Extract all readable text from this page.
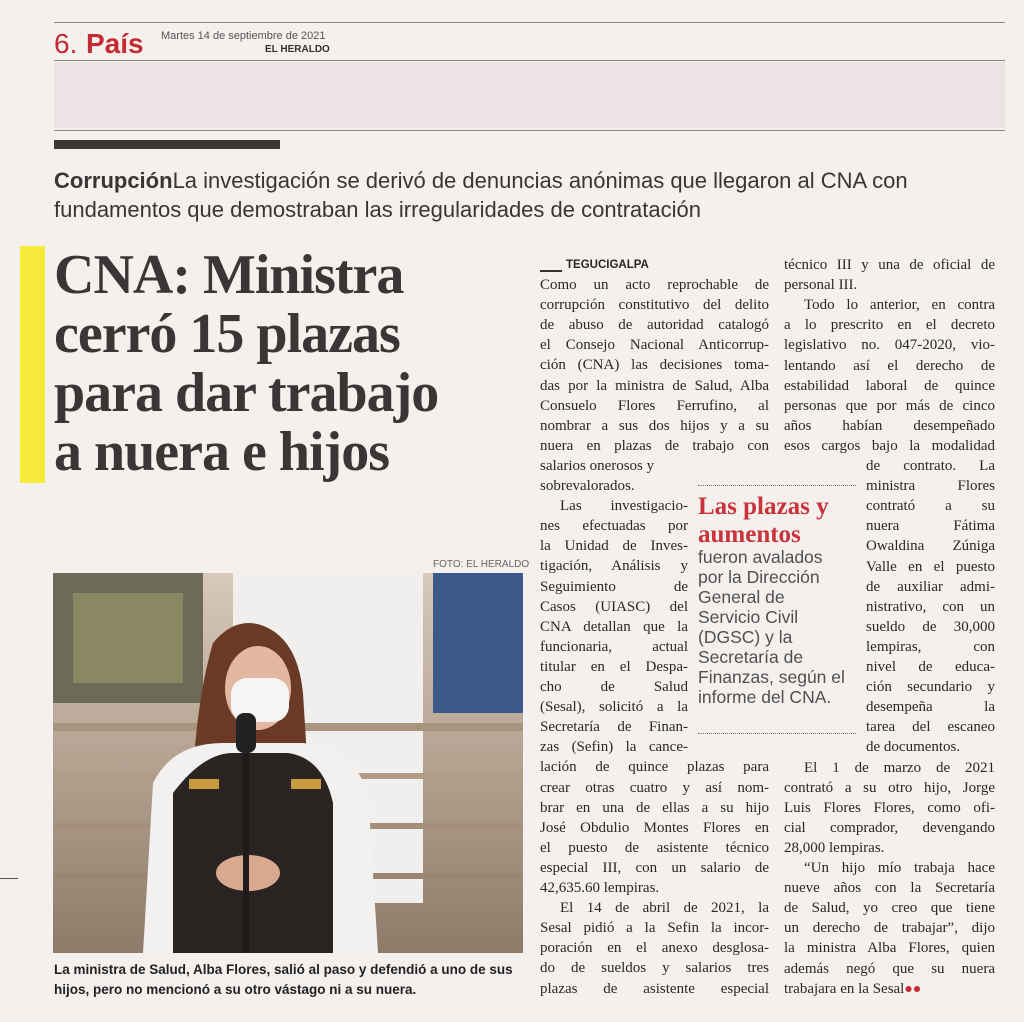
6. País Martes 14 de septiembre de 2021
EL HERALDO
CorrupciónLa investigación se derivó de denuncias anónimas que llegaron al CNA con fundamentos que demostraban las irregularidades de contratación
CNA: Ministra
cerró 15 plazas
para dar trabajo
a nuera e hijos
FOTO: EL HERALDO
La ministra de Salud, Alba Flores, salió al paso y defendió a uno de sus hijos, pero no mencionó a su otro vástago ni a su nuera.
TEGUCIGALPA
Como un acto reprochable de
corrupción constitutivo del delito
de abuso de autoridad catalogó
el Consejo Nacional Anticorrup-
ción (CNA) las decisiones toma-
das por la ministra de Salud, Alba
Consuelo Flores Ferrufino, al
nombrar a sus dos hijos y a su
nuera en plazas de trabajo con
salarios onerosos y
sobrevalorados.
Las investigacio-
nes efectuadas por
la Unidad de Inves-
tigación, Análisis y
Seguimiento de
Casos (UIASC) del
CNA detallan que la
funcionaria, actual
titular en el Despa-
cho de Salud
(Sesal), solicitó a la
Secretaría de Finan-
zas (Sefin) la cance-
lación de quince plazas para
crear otras cuatro y así nom-
brar en una de ellas a su hijo
José Obdulio Montes Flores en
el puesto de asistente técnico
especial III, con un salario de
42,635.60 lempiras.
El 14 de abril de 2021, la
Sesal pidió a la Sefin la incor-
poración en el anexo desglosa-
do de sueldos y salarios tres
plazas de asistente especial
técnico III y una de oficial de
personal III.
Todo lo anterior, en contra
a lo prescrito en el decreto
legislativo no. 047-2020, vio-
lentando así el derecho de
estabilidad laboral de quince
personas que por más de cinco
años habían desempeñado
esos cargos bajo la modalidad
de contrato. La
ministra Flores
contrató a su
nuera Fátima
Owaldina Zúniga
Valle en el puesto
de auxiliar admi-
nistrativo, con un
sueldo de 30,000
lempiras, con
nivel de educa-
ción secundario y
desempeña la
tarea del escaneo
de documentos.
El 1 de marzo de 2021
contrató a su otro hijo, Jorge
Luis Flores Flores, como ofi-
cial comprador, devengando
28,000 lempiras.
“Un hijo mío trabaja hace
nueve años con la Secretaría
de Salud, yo creo que tiene
un derecho de trabajar”, dijo
la ministra Alba Flores, quien
además negó que su nuera
trabajara en la Sesal●●
Las plazas y
aumentos
fueron avalados
por la Dirección
General de
Servicio Civil
(DGSC) y la
Secretaría de
Finanzas, según el
informe del CNA.
